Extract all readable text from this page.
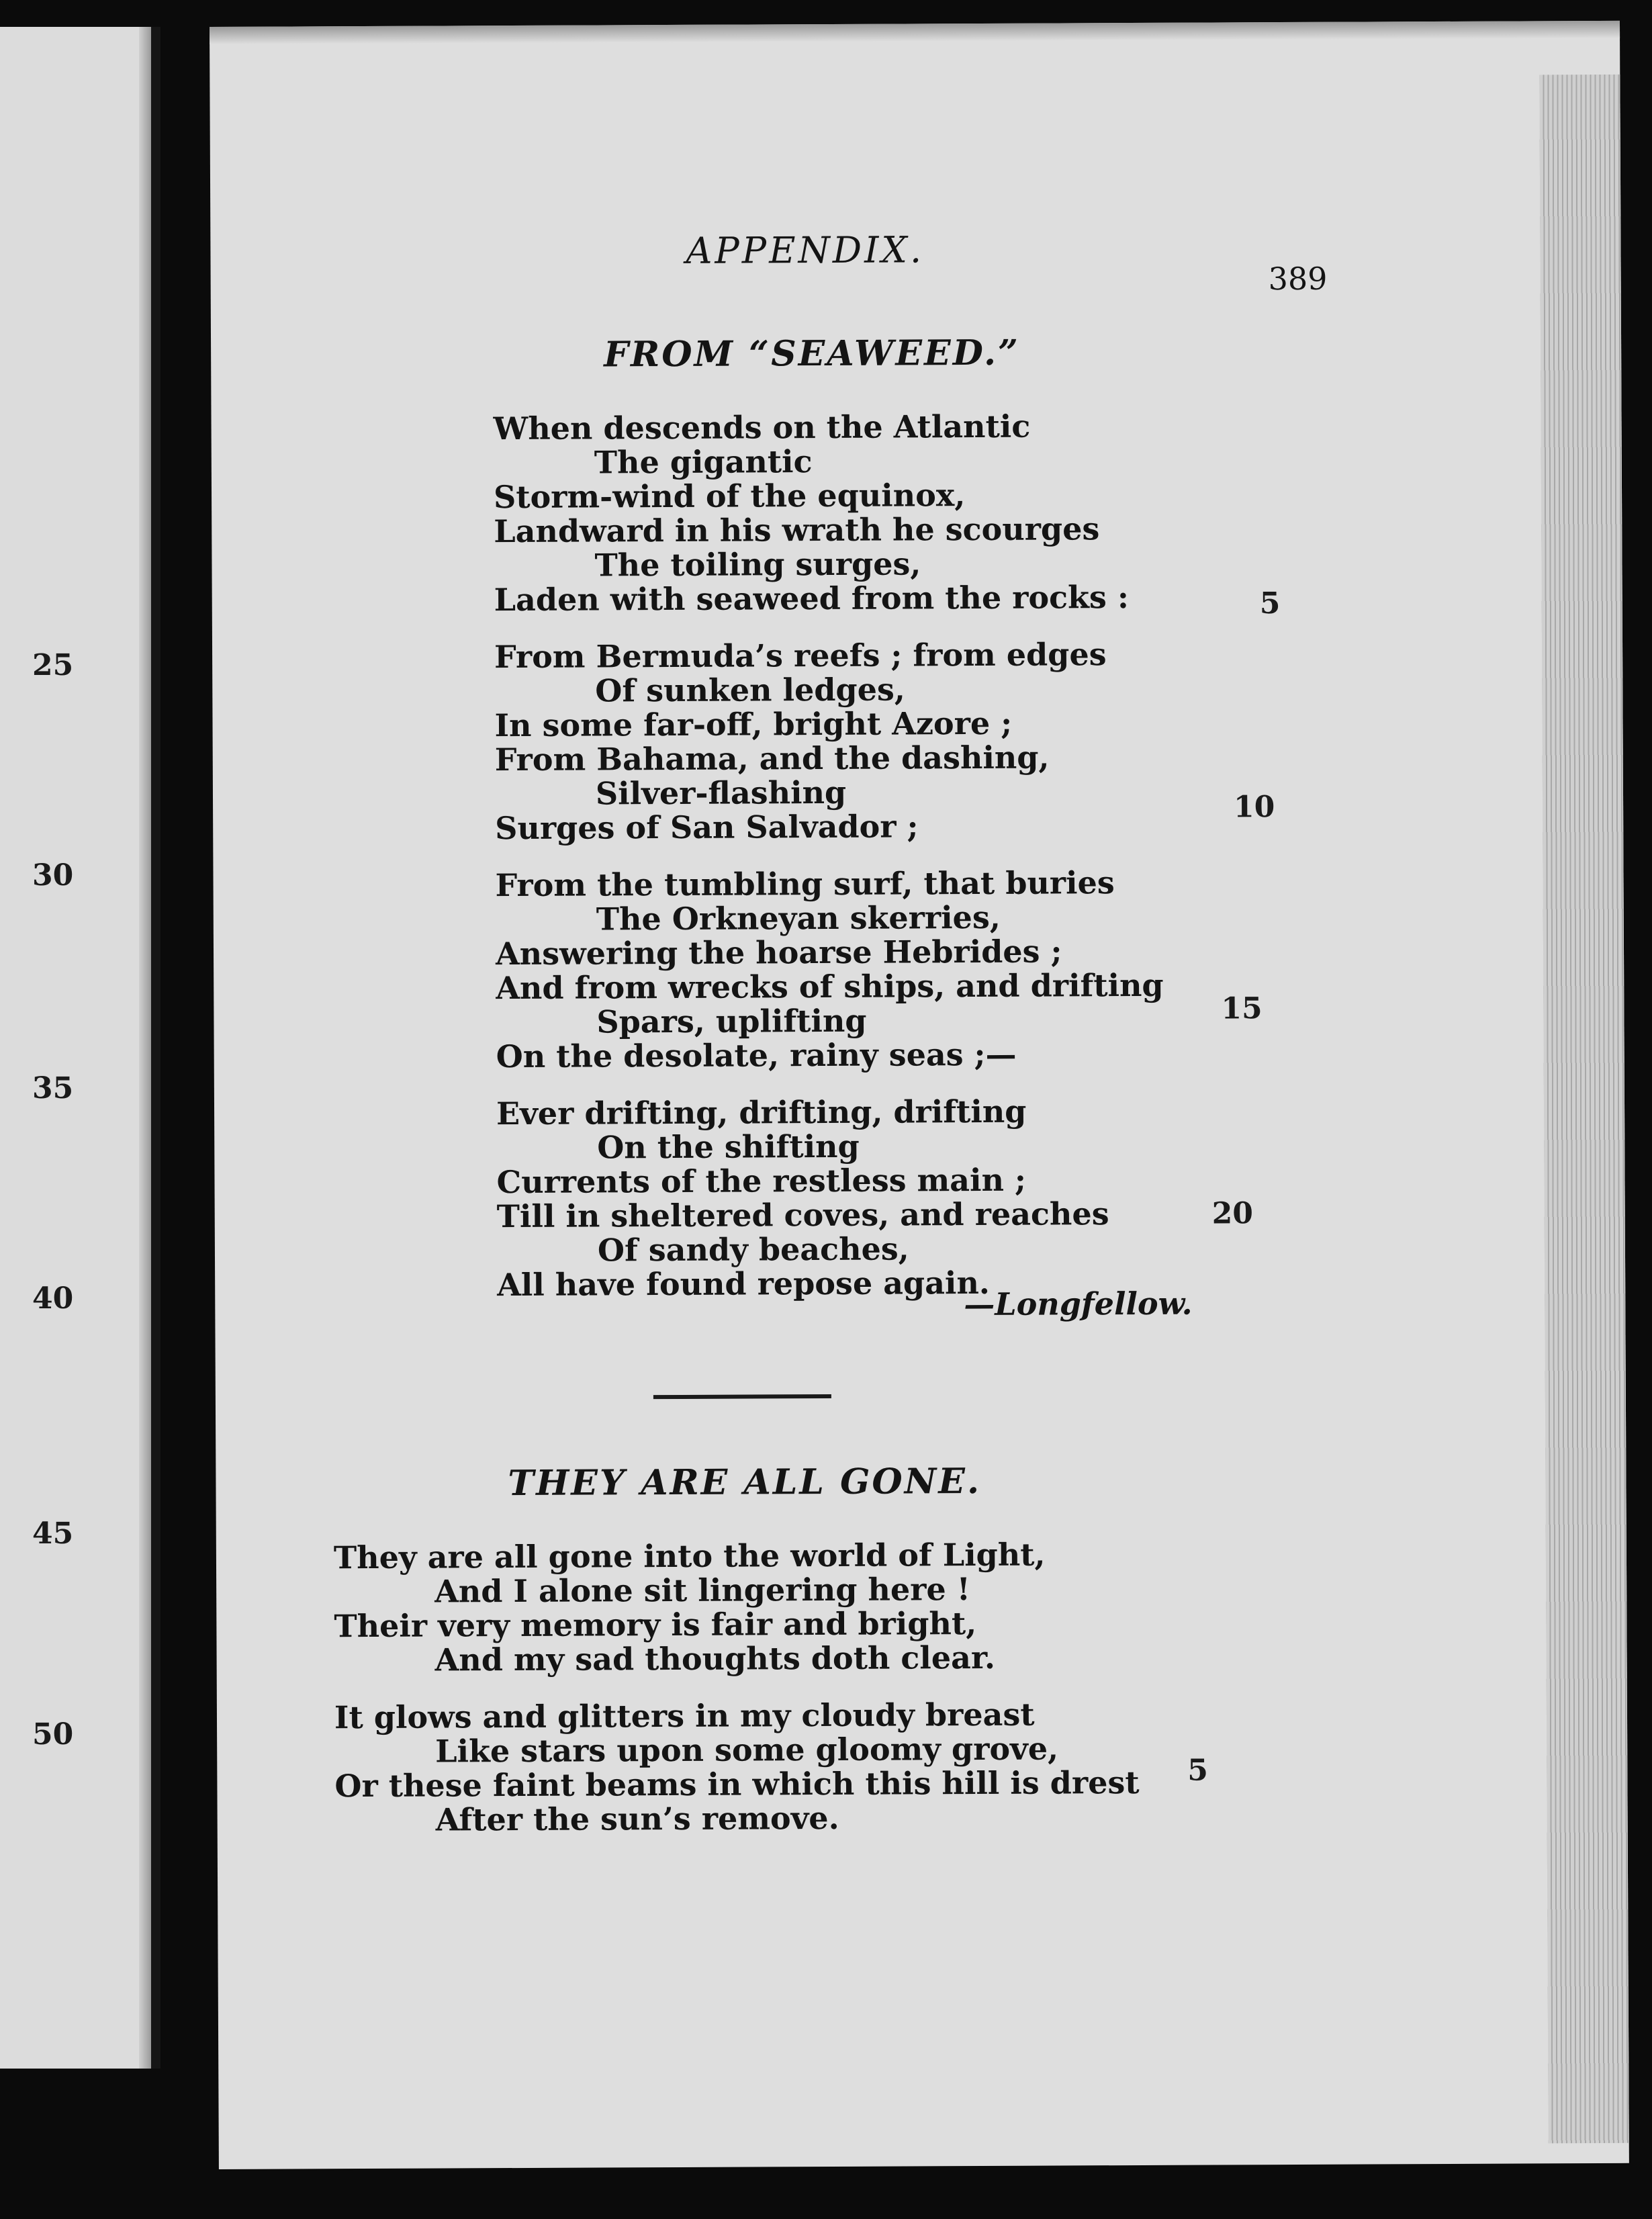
25
30
35
40
45
50
APPENDIX.
389
FROM “SEAWEED.”
When descends on the Atlantic
The gigantic
Storm-wind of the equinox,
Landward in his wrath he scourges
The toiling surges,
Laden with seaweed from the rocks :
From Bermuda’s reefs ; from edges
Of sunken ledges,
In some far-off, bright Azore ;
From Bahama, and the dashing,
Silver-flashing
Surges of San Salvador ;
From the tumbling surf, that buries
The Orkneyan skerries,
Answering the hoarse Hebrides ;
And from wrecks of ships, and drifting
Spars, uplifting
On the desolate, rainy seas ;—
Ever drifting, drifting, drifting
On the shifting
Currents of the restless main ;
Till in sheltered coves, and reaches
Of sandy beaches,
All have found repose again.
5
10
15
20
—Longfellow.
THEY ARE ALL GONE.
They are all gone into the world of Light,
And I alone sit lingering here !
Their very memory is fair and bright,
And my sad thoughts doth clear.
It glows and glitters in my cloudy breast
Like stars upon some gloomy grove,
Or these faint beams in which this hill is drest
After the sun’s remove.
5
